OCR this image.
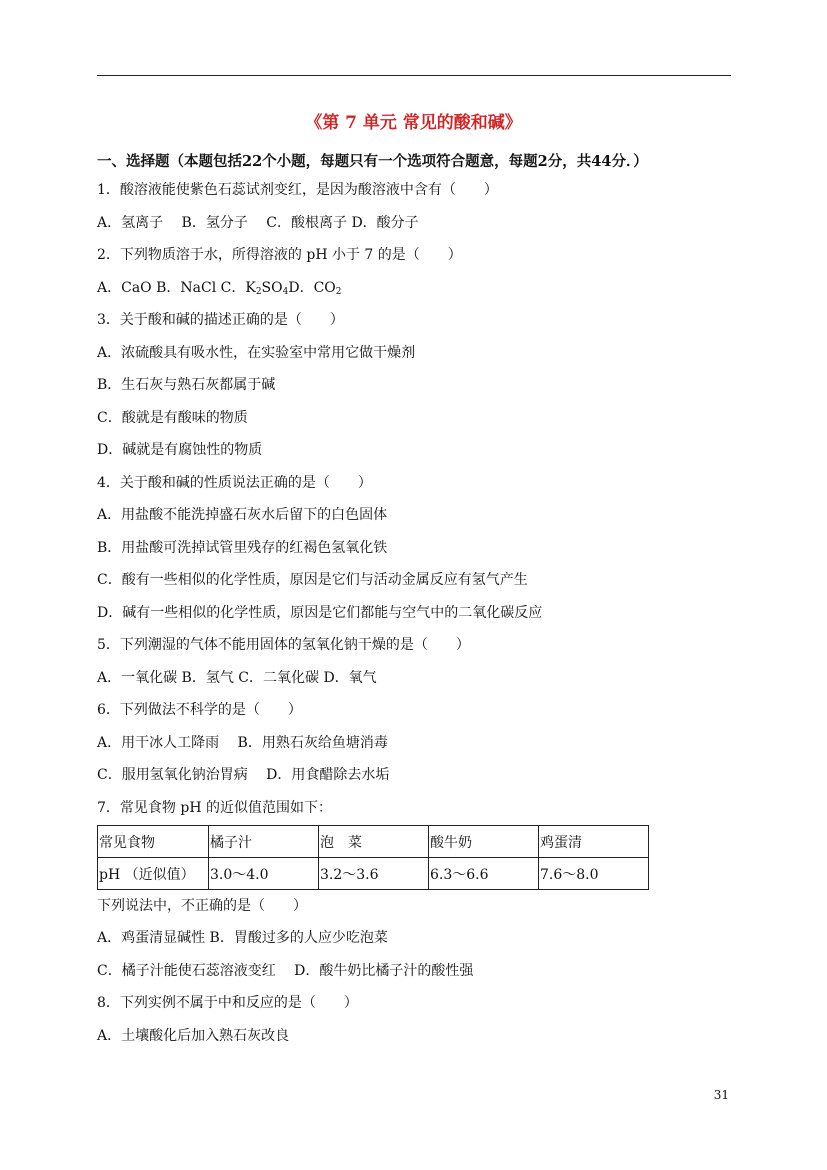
《第 7 单元 常见的酸和碱》
一、选择题（本题包括22个小题，每题只有一个选项符合题意，每题2分，共44分．）
1．酸溶液能使紫色石蕊试剂变红，是因为酸溶液中含有（　　）
A．氢离子　 B．氢分子　 C．酸根离子 D．酸分子
2．下列物质溶于水，所得溶液的 pH 小于 7 的是（　　）
A．CaO B．NaCl C．$K_2SO_4D$．$CO_2$
3．关于酸和碱的描述正确的是（　　）
A．浓硫酸具有吸水性，在实验室中常用它做干燥剂
B．生石灰与熟石灰都属于碱
C．酸就是有酸味的物质
D．碱就是有腐蚀性的物质
4．关于酸和碱的性质说法正确的是（　　）
A．用盐酸不能洗掉盛石灰水后留下的白色固体
B．用盐酸可洗掉试管里残存的红褐色氢氧化铁
C．酸有一些相似的化学性质，原因是它们与活动金属反应有氢气产生
D．碱有一些相似的化学性质，原因是它们都能与空气中的二氧化碳反应
5．下列潮湿的气体不能用固体的氢氧化钠干燥的是（　　）
A．一氧化碳 B．氢气 C．二氧化碳 D．氧气
6．下列做法不科学的是（　　）
A．用干冰人工降雨　 B．用熟石灰给鱼塘消毒
C．服用氢氧化钠治胃病　 D．用食醋除去水垢
7．常见食物 pH 的近似值范围如下：
常见食物	橘子汁	泡　菜	酸牛奶	鸡蛋清
pH （近似值）	3.0～4.0	3.2～3.6	6.3～6.6	7.6～8.0
下列说法中，不正确的是（　　）
A．鸡蛋清显碱性 B．胃酸过多的人应少吃泡菜
C．橘子汁能使石蕊溶液变红　 D．酸牛奶比橘子汁的酸性强
8．下列实例不属于中和反应的是（　　）
A．土壤酸化后加入熟石灰改良
31
